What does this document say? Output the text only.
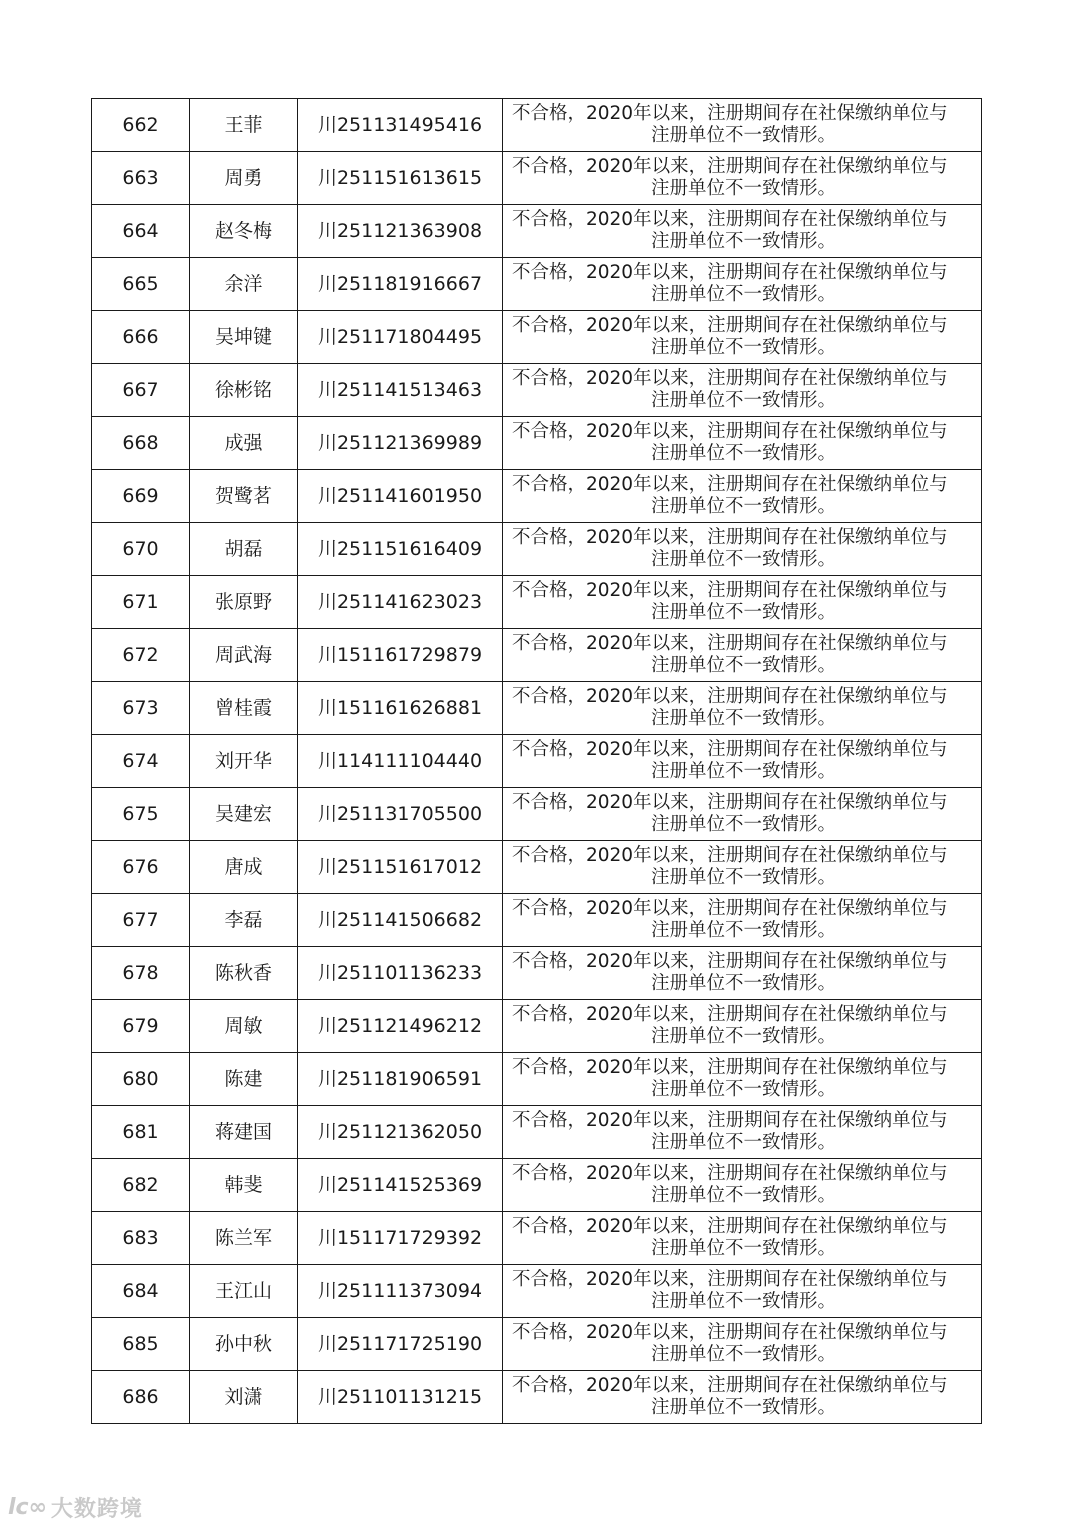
662	王菲	川251131495416	不合格，2020年以来，注册期间存在社保缴纳单位与
注册单位不一致情形。

663	周勇	川251151613615	不合格，2020年以来，注册期间存在社保缴纳单位与
注册单位不一致情形。

664	赵冬梅	川251121363908	不合格，2020年以来，注册期间存在社保缴纳单位与
注册单位不一致情形。

665	余洋	川251181916667	不合格，2020年以来，注册期间存在社保缴纳单位与
注册单位不一致情形。

666	吴坤键	川251171804495	不合格，2020年以来，注册期间存在社保缴纳单位与
注册单位不一致情形。

667	徐彬铭	川251141513463	不合格，2020年以来，注册期间存在社保缴纳单位与
注册单位不一致情形。

668	成强	川251121369989	不合格，2020年以来，注册期间存在社保缴纳单位与
注册单位不一致情形。

669	贺鹭茗	川251141601950	不合格，2020年以来，注册期间存在社保缴纳单位与
注册单位不一致情形。

670	胡磊	川251151616409	不合格，2020年以来，注册期间存在社保缴纳单位与
注册单位不一致情形。

671	张原野	川251141623023	不合格，2020年以来，注册期间存在社保缴纳单位与
注册单位不一致情形。

672	周武海	川151161729879	不合格，2020年以来，注册期间存在社保缴纳单位与
注册单位不一致情形。

673	曾桂霞	川151161626881	不合格，2020年以来，注册期间存在社保缴纳单位与
注册单位不一致情形。

674	刘开华	川114111104440	不合格，2020年以来，注册期间存在社保缴纳单位与
注册单位不一致情形。

675	吴建宏	川251131705500	不合格，2020年以来，注册期间存在社保缴纳单位与
注册单位不一致情形。

676	唐成	川251151617012	不合格，2020年以来，注册期间存在社保缴纳单位与
注册单位不一致情形。

677	李磊	川251141506682	不合格，2020年以来，注册期间存在社保缴纳单位与
注册单位不一致情形。

678	陈秋香	川251101136233	不合格，2020年以来，注册期间存在社保缴纳单位与
注册单位不一致情形。

679	周敏	川251121496212	不合格，2020年以来，注册期间存在社保缴纳单位与
注册单位不一致情形。

680	陈建	川251181906591	不合格，2020年以来，注册期间存在社保缴纳单位与
注册单位不一致情形。

681	蒋建国	川251121362050	不合格，2020年以来，注册期间存在社保缴纳单位与
注册单位不一致情形。

682	韩斐	川251141525369	不合格，2020年以来，注册期间存在社保缴纳单位与
注册单位不一致情形。

683	陈兰军	川151171729392	不合格，2020年以来，注册期间存在社保缴纳单位与
注册单位不一致情形。

684	王江山	川251111373094	不合格，2020年以来，注册期间存在社保缴纳单位与
注册单位不一致情形。

685	孙中秋	川251171725190	不合格，2020年以来，注册期间存在社保缴纳单位与
注册单位不一致情形。

686	刘潇	川251101131215	不合格，2020年以来，注册期间存在社保缴纳单位与
注册单位不一致情形。
lc∞ 大数跨境
